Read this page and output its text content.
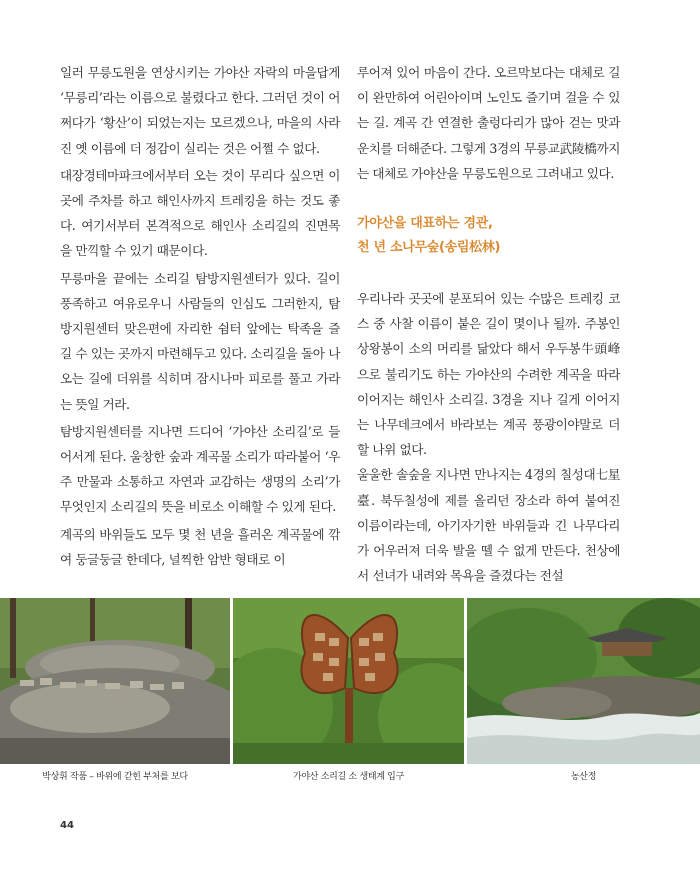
일러 무릉도원을 연상시키는 가야산 자락의 마을답게 ‘무릉리’라는 이름으로 불렸다고 한다. 그러던 것이 어쩌다가 ‘황산’이 되었는지는 모르겠으나, 마을의 사라진 옛 이름에 더 정감이 실리는 것은 어쩔 수 없다.

대장경테마파크에서부터 오는 것이 무리다 싶으면 이곳에 주차를 하고 해인사까지 트레킹을 하는 것도 좋다. 여기서부터 본격적으로 해인사 소리길의 진면목을 만끽할 수 있기 때문이다.

무릉마을 끝에는 소리길 탐방지원센터가 있다. 길이 풍족하고 여유로우니 사람들의 인심도 그러한지, 탐방지원센터 맞은편에 자리한 쉼터 앞에는 탁족을 즐길 수 있는 곳까지 마련해두고 있다. 소리길을 돌아 나오는 길에 더위를 식히며 잠시나마 피로를 풀고 가라는 뜻일 거라.

탐방지원센터를 지나면 드디어 ‘가야산 소리길’로 들어서게 된다. 울창한 숲과 계곡물 소리가 따라붙어 ‘우주 만물과 소통하고 자연과 교감하는 생명의 소리’가 무엇인지 소리길의 뜻을 비로소 이해할 수 있게 된다.

계곡의 바위들도 모두 몇 천 년을 흘러온 계곡물에 깎여 둥글둥글 한데다, 널찍한 암반 형태로 이

루어져 있어 마음이 간다. 오르막보다는 대체로 길이 완만하여 어린아이며 노인도 즐기며 걸을 수 있는 길. 계곡 간 연결한 출렁다리가 많아 걷는 맛과 운치를 더해준다. 그렇게 3경의 무릉교武陵橋까지는 대체로 가야산을 무릉도원으로 그려내고 있다.

가야산을 대표하는 경관,
천 년 소나무숲(송림松林)

우리나라 곳곳에 분포되어 있는 수많은 트레킹 코스 중 사찰 이름이 붙은 길이 몇이나 될까. 주봉인 상왕봉이 소의 머리를 닮았다 해서 우두봉牛頭峰으로 불리기도 하는 가야산의 수려한 계곡을 따라 이어지는 해인사 소리길. 3경을 지나 길게 이어지는 나무데크에서 바라보는 계곡 풍광이야말로 더할 나위 없다.

울울한 솔숲을 지나면 만나지는 4경의 칠성대七星臺. 북두칠성에 제를 올리던 장소라 하여 붙여진 이름이라는데, 아기자기한 바위들과 긴 나무다리가 어우러져 더욱 발을 뗄 수 없게 만든다. 천상에서 선녀가 내려와 목욕을 즐겼다는 전설

박상휘 작품 – 바위에 갇힌 부처를 보다	가야산 소리길 소 생태계 입구	농산정
44
